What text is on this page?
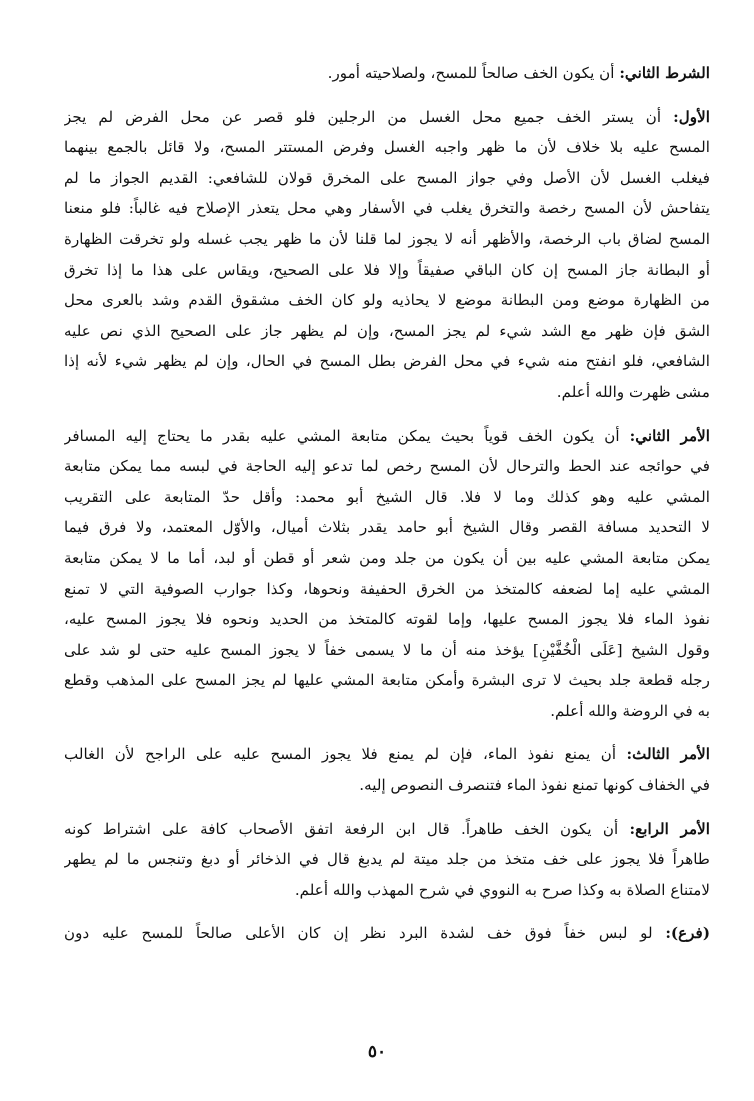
الشرط الثاني: أن يكون الخف صالحاً للمسح، ولصلاحيته أمور.
الأول: أن يستر الخف جميع محل الغسل من الرجلين فلو قصر عن محل الفرض لم يجز
المسح عليه بلا خلاف لأن ما ظهر واجبه الغسل وفرض المستتر المسح، ولا قائل بالجمع بينهما
فيغلب الغسل لأن الأصل وفي جواز المسح على المخرق قولان للشافعي: القديم الجواز ما لم
يتفاحش لأن المسح رخصة والتخرق يغلب في الأسفار وهي محل يتعذر الإصلاح فيه غالباً: فلو منعنا
المسح لضاق باب الرخصة، والأظهر أنه لا يجوز لما قلنا لأن ما ظهر يجب غسله ولو تخرقت الظهارة
أو البطانة جاز المسح إن كان الباقي صفيقاً وإلا فلا على الصحيح، ويقاس على هذا ما إذا تخرق
من الظهارة موضع ومن البطانة موضع لا يحاذيه ولو كان الخف مشقوق القدم وشد بالعرى محل
الشق فإن ظهر مع الشد شيء لم يجز المسح، وإن لم يظهر جاز على الصحيح الذي نص عليه
الشافعي، فلو انفتح منه شيء في محل الفرض بطل المسح في الحال، وإن لم يظهر شيء لأنه إذا
مشى ظهرت والله أعلم.
الأمر الثاني: أن يكون الخف قوياً بحيث يمكن متابعة المشي عليه بقدر ما يحتاج إليه المسافر
في حوائجه عند الحط والترحال لأن المسح رخص لما تدعو إليه الحاجة في لبسه مما يمكن متابعة
المشي عليه وهو كذلك وما لا فلا. قال الشيخ أبو محمد: وأقل حدّ المتابعة على التقريب
لا التحديد مسافة القصر وقال الشيخ أبو حامد يقدر بثلاث أميال، والأوّل المعتمد، ولا فرق فيما
يمكن متابعة المشي عليه بين أن يكون من جلد ومن شعر أو قطن أو لبد، أما ما لا يمكن متابعة
المشي عليه إما لضعفه كالمتخذ من الخرق الحفيفة ونحوها، وكذا جوارب الصوفية التي لا تمنع
نفوذ الماء فلا يجوز المسح عليها، وإما لقوته كالمتخذ من الحديد ونحوه فلا يجوز المسح عليه،
وقول الشيخ [عَلَى الْخُفَّيْنِ] يؤخذ منه أن ما لا يسمى خفاً لا يجوز المسح عليه حتى لو شد على
رجله قطعة جلد بحيث لا ترى البشرة وأمكن متابعة المشي عليها لم يجز المسح على المذهب وقطع
به في الروضة والله أعلم.
الأمر الثالث: أن يمنع نفوذ الماء، فإن لم يمنع فلا يجوز المسح عليه على الراجح لأن الغالب
في الخفاف كونها تمنع نفوذ الماء فتنصرف النصوص إليه.
الأمر الرابع: أن يكون الخف طاهراً. قال ابن الرفعة اتفق الأصحاب كافة على اشتراط كونه
طاهراً فلا يجوز على خف متخذ من جلد ميتة لم يدبغ قال في الذخائر أو دبغ وتنجس ما لم يطهر
لامتناع الصلاة به وكذا صرح به النووي في شرح المهذب والله أعلم.
(فرع): لو لبس خفاً فوق خف لشدة البرد نظر إن كان الأعلى صالحاً للمسح عليه دون
٥٠
